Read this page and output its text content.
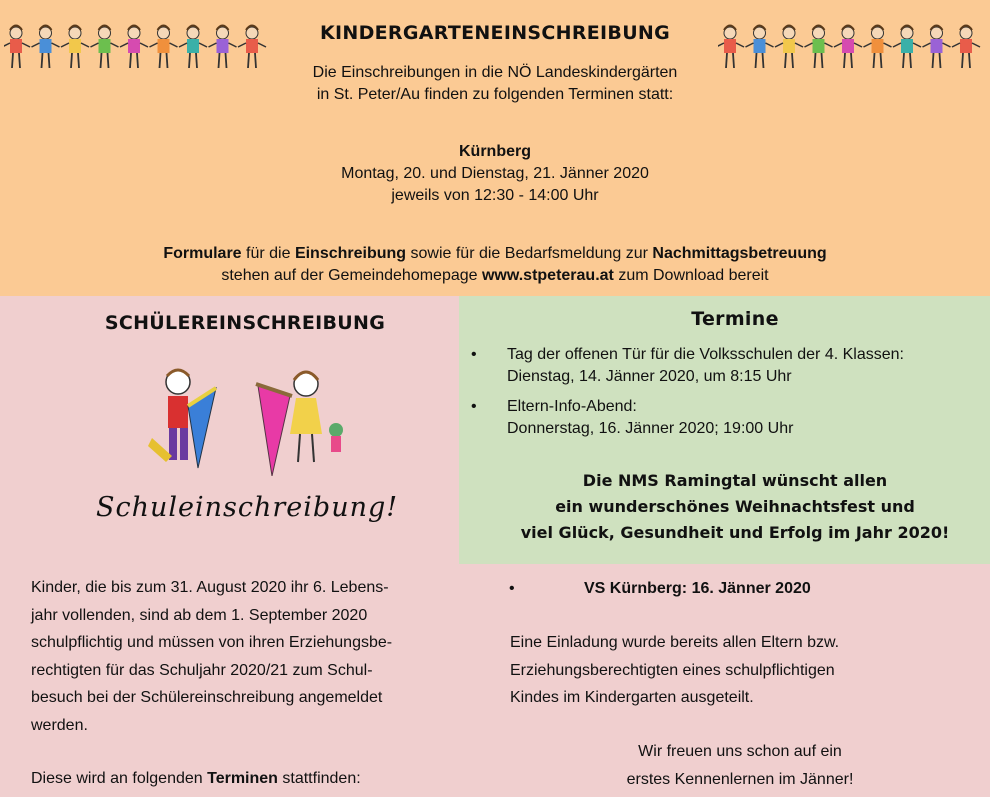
KINDERGARTENEINSCHREIBUNG
Die Einschreibungen in die NÖ Landeskindergärten
in St. Peter/Au finden zu folgenden Terminen statt:
Kürnberg
Montag, 20. und Dienstag, 21. Jänner 2020
jeweils von 12:30 - 14:00 Uhr
Formulare für die Einschreibung sowie für die Bedarfsmeldung zur Nachmittagsbetreuung
stehen auf der Gemeindehomepage www.stpeterau.at zum Download bereit
SCHÜLEREINSCHREIBUNG
Schuleinschreibung!
Termine
• Tag der offenen Tür für die Volksschulen der 4. Klassen:
Dienstag, 14. Jänner 2020, um 8:15 Uhr
• Eltern-Info-Abend:
Donnerstag, 16. Jänner 2020; 19:00 Uhr
Die NMS Ramingtal wünscht allen
ein wunderschönes Weihnachtsfest und
viel Glück, Gesundheit und Erfolg im Jahr 2020!
Kinder, die bis zum 31. August 2020 ihr 6. Lebens-
jahr vollenden, sind ab dem 1. September 2020
schulpflichtig und müssen von ihren Erziehungsbe-
rechtigten für das Schuljahr 2020/21 zum Schul-
besuch bei der Schülereinschreibung angemeldet
werden.
Diese wird an folgenden Terminen stattfinden:
•	VS Kürnberg: 16. Jänner 2020
Eine Einladung wurde bereits allen Eltern bzw.
Erziehungsberechtigten eines schulpflichtigen
Kindes im Kindergarten ausgeteilt.
Wir freuen uns schon auf ein
erstes Kennenlernen im Jänner!
